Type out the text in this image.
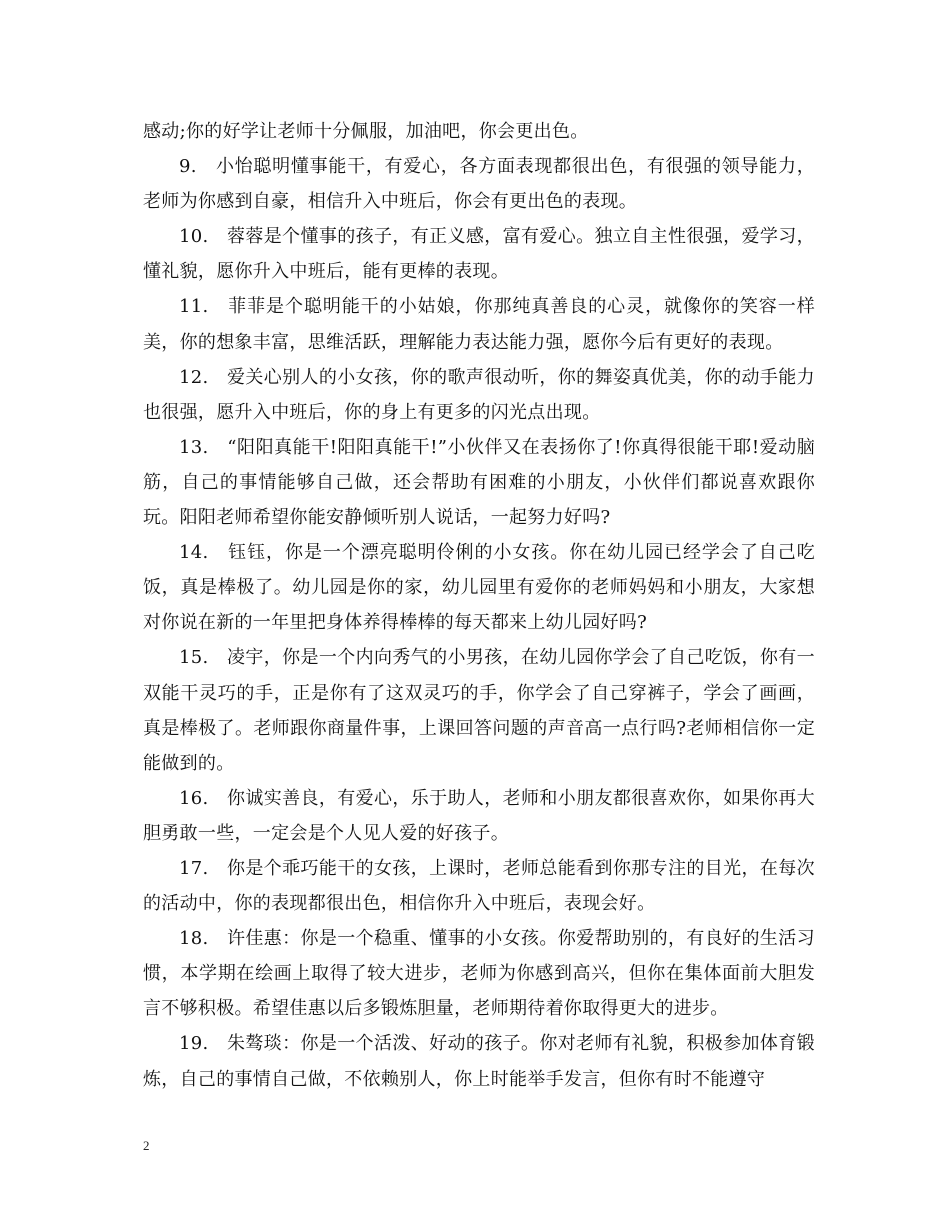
感动;你的好学让老师十分佩服，加油吧，你会更出色。

9.　小怡聪明懂事能干，有爱心，各方面表现都很出色，有很强的领导能力，老师为你感到自豪，相信升入中班后，你会有更出色的表现。

10.　蓉蓉是个懂事的孩子，有正义感，富有爱心。独立自主性很强，爱学习，懂礼貌，愿你升入中班后，能有更棒的表现。

11.　菲菲是个聪明能干的小姑娘，你那纯真善良的心灵，就像你的笑容一样美，你的想象丰富，思维活跃，理解能力表达能力强，愿你今后有更好的表现。

12.　爱关心别人的小女孩，你的歌声很动听，你的舞姿真优美，你的动手能力也很强，愿升入中班后，你的身上有更多的闪光点出现。

13.　“阳阳真能干!阳阳真能干!”小伙伴又在表扬你了!你真得很能干耶!爱动脑筋，自己的事情能够自己做，还会帮助有困难的小朋友，小伙伴们都说喜欢跟你玩。阳阳老师希望你能安静倾听别人说话，一起努力好吗?

14.　钰钰，你是一个漂亮聪明伶俐的小女孩。你在幼儿园已经学会了自己吃饭，真是棒极了。幼儿园是你的家，幼儿园里有爱你的老师妈妈和小朋友，大家想对你说在新的一年里把身体养得棒棒的每天都来上幼儿园好吗?

15.　凌宇，你是一个内向秀气的小男孩，在幼儿园你学会了自己吃饭，你有一双能干灵巧的手，正是你有了这双灵巧的手，你学会了自己穿裤子，学会了画画，真是棒极了。老师跟你商量件事，上课回答问题的声音高一点行吗?老师相信你一定能做到的。

16.　你诚实善良，有爱心，乐于助人，老师和小朋友都很喜欢你，如果你再大胆勇敢一些，一定会是个人见人爱的好孩子。

17.　你是个乖巧能干的女孩，上课时，老师总能看到你那专注的目光，在每次的活动中，你的表现都很出色，相信你升入中班后，表现会好。

18.　许佳惠：你是一个稳重、懂事的小女孩。你爱帮助别的，有良好的生活习惯，本学期在绘画上取得了较大进步，老师为你感到高兴，但你在集体面前大胆发言不够积极。希望佳惠以后多锻炼胆量，老师期待着你取得更大的进步。

19.　朱骜琰：你是一个活泼、好动的孩子。你对老师有礼貌，积极参加体育锻炼，自己的事情自己做，不依赖别人，你上时能举手发言，但你有时不能遵守

2
